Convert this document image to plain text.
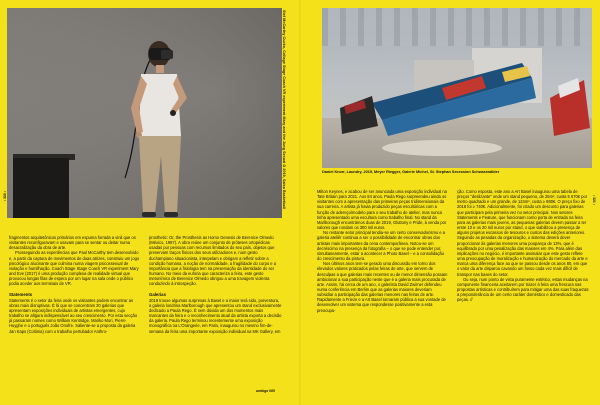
Stef McCarthy Cucko, Collage Stage Coach VR experiment Mary and the Jung Sexual G 2019, Salsa Basketball	Daniel Knorr, Laundry, 2019, Meyer Riegger, Galerie Michel, St. Stephan Secession Schwarzwälder
• 320 •	• 321 •

fragmentos arquitetônicos primários em espuma forrada a vinil que os visitantes reconfiguravam e usavam para se sentar ou deitar numa desacralização da obra de arte.

Prosseguindo as experiências que Paul McCarthy tem desenvolvido e, a partir da captura de movimentos de duas atrizes, construiu um jogo psicológico alucinante que culmina numa viagem psicossexual de violação e humilhação. Coach Stage Stage Coach VR experiment Mary and Eve (2017) é uma produção complexa de realidade virtual que provocou longas filas de espera por um lugar na sala onde o público podia aceder aos terminais de VR.

Statements

Statements é o setor da feira onde os visitantes podem encontrar as obras mais disruptivas. É lá que se concentram 20 galerias que apresentam exposições individuais de artistas emergentes, cujo trabalho se afigura indispensável ao seu crescimento. Por esta secção já passaram nomes como William Kentridge, Mariko Mori, Pierre Huyghe e o português João Onofre. Saliente-se a proposta da galeria Jan Kaps (Colónia) com o trabalho pertubador Anthro-

prosthetic: Or, the Prosthesis as Homo Genesis de Berenice Olmedo (México, 1987). A obra reúne um conjunto de próteses ortopédicas usadas por pessoas com recursos limitados do seu país, objetos que preservam traços físicos dos seus utilizadores e, num gesto duchampiano situacionista, interpelam e obrigam a refletir sobre a condição humana, a noção de normalidade, a fragilidade do corpo e a importância que a fisiologia tem na preservação da identidade do ser humano. No meio da euforia que caracteriza a feira, este gesto metonímico de Berenice Olmedo obrigou a uma travagem violenta conduzindo à introspeção.

Galerias

2019 trouxe algumas surpresas à Basel e a maior terá sido, porventura, a galeria londrina Marlborough que apresentou um stand exclusivamente dedicado a Paula Rego. É sem dúvida um dos momentos mais marcantes da feira e o reconhecimento atual da artista exporta a decisão da galeria. Paula Rego terminou recentemente uma exposição monográfica na L'Orangerie, em Paris, inaugurou no mesmo fim-de-semana da feira uma importante exposição individual na MK Gallery, em

Milton Keynes, e acabou de ser anunciada uma exposição individual na Tate Britain para 2021. Aos 84 anos, Paula Rego surpreendeu ainda os visitantes com a apresentação das primeiras peças tridimensionais da sua carreira. A artista já havia produzido peças escultóricas com a função de adereço/modelo para o seu trabalho de atelier, mas nunca tinha apresentado uma escultura como trabalho final. No stand da Marlborough encontrámos duas de 2019, Gluttony e Pride, à venda por valores que rondam os 300 mil euros.

No restante setor principal tendia-se um certo conservadorismo e a galeria ateliêr continua a ser o possibilidade de encontrar obras dos artistas mais importantes da cena contemporânea. Notou-se um decréscimo na presença da fotografia – o que se pode entender por, simultaneamente, estar a acontecer a Photo Basel – e a consolidação do crescimento da pintura.

Nos últimos anos tem-se gerado uma discussão em torno dos elevados valores praticados pelas feiras de arte, que servem de desculpas a que galerias mais recentes ou de menor dimensão possam ambicionar a sua participação neste que é a galeria mais procurada de arte. Assim, há cerca de um ano, o galerista David Zwirner defendeu numa conferência em Berlim que as galerias maiores deveriam subsidiar a participação das galerias menores nas feiras de arte. Rapidamente a Frieze e a Art Basel tornaram pública a sua vontade de desenvolver um sistema que respondesse positivamente a esta preocupa-

ção. Como esposta, este ano a Art Basel inaugurou uma tabela de preços "deslizante" onde um stand pequeno, de 25m², custa 5 670€ por metro quadrado e um grande, de 124m², custa ≥ 880€. O preço fixo de 2018 foi ≥ 740€. Adicionalmente, foi criado um desconto para galerias que participam pela primeira vez no setor principal. Nos setores Statements e Feature, que funcionam como porta de entrada na feira para as galerias mais jovens, as pequenas galerias devem passar a ter entre 10 e os 20 mil euros por stand, o que viabilizou a presença de alguns projetos escassos de tesouros e custos das edições anteriores. Seguindo as pesadas da organização, o sistema deverá dever proporcionar às galerias menores uma poupança de 13%, que é equilibrado por uma penalização das maiores em 4%. Para além das implicações no negócio, é importante assinalar que este gesto reflete uma preocupação de moralização e humanização do mercado da arte e marca uma diferença face ao que se passou desde os anos 80, em que o valor da arte disparou cavando um fosso cada vez mais difícil de transpor nas bases do setor.

Ou seja, num ponto de vista puramente estético, estas mudanças na componente financeira aceitarem por trazer à feira uma frescura nas propostas artísticas e contribuírem para mitigar uma das suas fraquezas: a preponderância de um certo caráter doméstico e domesticado das peças. //

umbigo 069
